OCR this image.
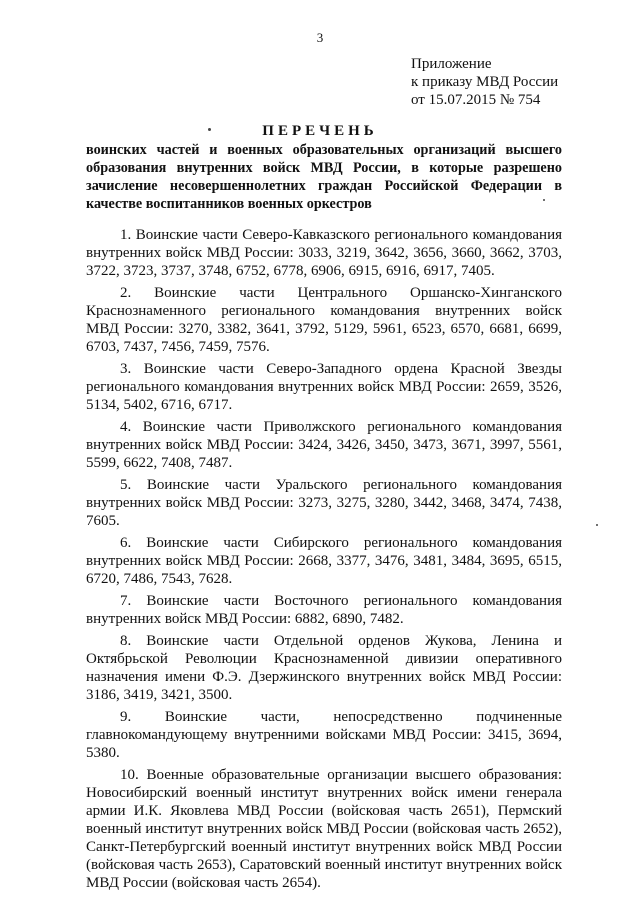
3
Приложение
к приказу МВД России
от 15.07.2015 № 754
ПЕРЕЧЕНЬ
воинских частей и военных образовательных организаций высшего
образования внутренних войск МВД России, в которые разрешено
зачисление несовершеннолетних граждан Российской Федерации в
качестве воспитанников военных оркестров
1. Воинские части Северо-Кавказского регионального командования
внутренних войск МВД России: 3033, 3219, 3642, 3656, 3660, 3662, 3703,
3722, 3723, 3737, 3748, 6752, 6778, 6906, 6915, 6916, 6917, 7405.
2. Воинские части Центрального Оршанско-Хинганского
Краснознаменного регионального командования внутренних войск
МВД России: 3270, 3382, 3641, 3792, 5129, 5961, 6523, 6570, 6681, 6699,
6703, 7437, 7456, 7459, 7576.
3. Воинские части Северо-Западного ордена Красной Звезды
регионального командования внутренних войск МВД России: 2659, 3526,
5134, 5402, 6716, 6717.
4. Воинские части Приволжского регионального командования
внутренних войск МВД России: 3424, 3426, 3450, 3473, 3671, 3997, 5561,
5599, 6622, 7408, 7487.
5. Воинские части Уральского регионального командования
внутренних войск МВД России: 3273, 3275, 3280, 3442, 3468, 3474, 7438,
7605.
6. Воинские части Сибирского регионального командования
внутренних войск МВД России: 2668, 3377, 3476, 3481, 3484, 3695, 6515,
6720, 7486, 7543, 7628.
7. Воинские части Восточного регионального командования
внутренних войск МВД России: 6882, 6890, 7482.
8. Воинские части Отдельной орденов Жукова, Ленина и
Октябрьской Революции Краснознаменной дивизии оперативного
назначения имени Ф.Э. Дзержинского внутренних войск МВД России:
3186, 3419, 3421, 3500.
9. Воинские части, непосредственно подчиненные
главнокомандующему внутренними войсками МВД России: 3415, 3694,
5380.
10. Военные образовательные организации высшего образования:
Новосибирский военный институт внутренних войск имени генерала
армии И.К. Яковлева МВД России (войсковая часть 2651), Пермский
военный институт внутренних войск МВД России (войсковая часть 2652),
Санкт-Петербургский военный институт внутренних войск МВД России
(войсковая часть 2653), Саратовский военный институт внутренних войск
МВД России (войсковая часть 2654).
